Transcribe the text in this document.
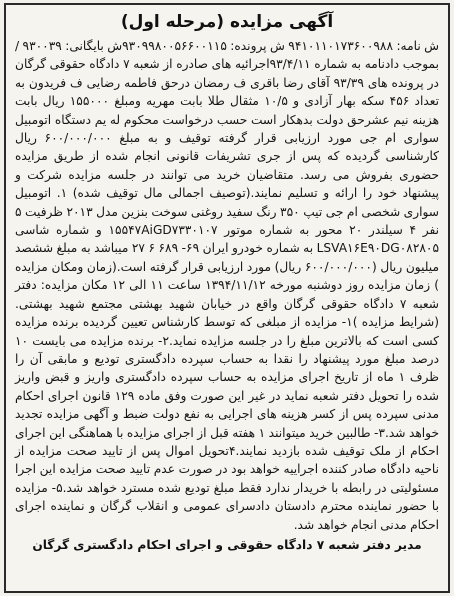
آگهی مزایده (مرحله اول)

ش نامه: ۹۴۱۰۱۱۰۱۷۳۶۰۰۹۸۸ ش پرونده: ۹۳۰۹۹۸۰۰۵۶۶۰۰۱۱۵ش بایگانی: ۹۳۰۰۳۹ / بموجب دادنامه به شماره ۹۳/۴/۱۱اجرائیه های صادره از شعبه ۷ دادگاه حقوقی گرگان در پرونده های ۹۳/۳۹ آقای رضا باقری ف رمضان درحق فاطمه رضایی ف فریدون به تعداد ۴۵۶ سکه بهار آزادی و ۱۰/۵ مثقال طلا بابت مهریه ومبلغ ۱۵۵۰۰۰ ریال بابت هزینه نیم عشرحق دولت بدهکار است حسب درخواست محکوم له یم دستگاه اتومبیل سواری ام جی مورد ارزیابی قرار گرفته توقیف و به مبلغ ۶۰۰/۰۰۰/۰۰۰ ریال کارشناسی گردیده که پس از جری تشریفات قانونی انجام شده از طریق مزایده حضوری بفروش می رسد. متقاضیان خرید می توانند در جلسه مزایده شرکت و پیشنهاد خود را ارائه و تسلیم نمایند.(توصیف اجمالی مال توقیف شده) ۱. اتومبیل سواری شخصی ام جی تیپ ۳۵۰ رنگ سفید روغنی سوخت بنزین مدل ۲۰۱۳ ظرفیت ۵ نفر ۴ سیلندر ۲۰ محور به شماره موتور ۱۵۵۴۷AiGD۷۳۳۰۱۰۷ و شماره شاسی LSVA۱۶E۹۰DG۰۸۲۸۰۵ به شماره خودرو ایران ۶۹- ۶۸۹ ۶ ۲۷ میباشد به مبلغ ششصد میلیون ریال (۶۰۰/۰۰۰/۰۰۰ ریال) مورد ارزیابی قرار گرفته است.(زمان ومکان مزایده ) زمان مزایده روز دوشنبه مورخه ۱۳۹۴/۱۱/۱۲ ساعت ۱۱ الی ۱۲ مکان مزایده: دفتر شعبه ۷ دادگاه حقوقی گرگان واقع در خیابان شهید بهشتی مجتمع شهید بهشتی.(شرایط مزایده )۱- مزایده از مبلغی که توسط کارشناس تعیین گردیده برنده مزایده کسی است که بالاترین مبلغ را در جلسه مزایده نماید.۲- برنده مزایده می بایست ۱۰ درصد مبلغ مورد پیشنهاد را نقدا به حساب سپرده دادگستری تودیع و مابقی آن را ظرف ۱ ماه از تاریخ اجرای مزایده به حساب سپرده دادگستری واریز و قبض واریز شده را تحویل دفتر شعبه نماید در غیر این صورت وفق ماده ۱۲۹ قانون اجرای احکام مدنی سپرده پس از کسر هزینه های اجرایی به نفع دولت ضبط و آگهی مزایده تجدید خواهد شد.۳- طالبین خرید میتوانند ۱ هفته قبل از اجرای مزایده با هماهنگی این اجرای احکام از ملک توقیف شده بازدید نمایند.۴تحویل اموال پس از تایید صحت مزایده از ناحیه دادگاه صادر کننده اجراییه خواهد بود در صورت عدم تایید صحت مزایده این اجرا مسئولیتی در رابطه با خریدار ندارد فقط مبلغ تودیع شده مسترد خواهد شد.۵- مزایده با حضور نماینده محترم دادستان دادسرای عمومی و انقلاب گرگان و نماینده اجرای احکام مدنی انجام خواهد شد.

مدیر دفتر شعبه ۷ دادگاه حقوقی و اجرای احکام دادگستری گرگان
